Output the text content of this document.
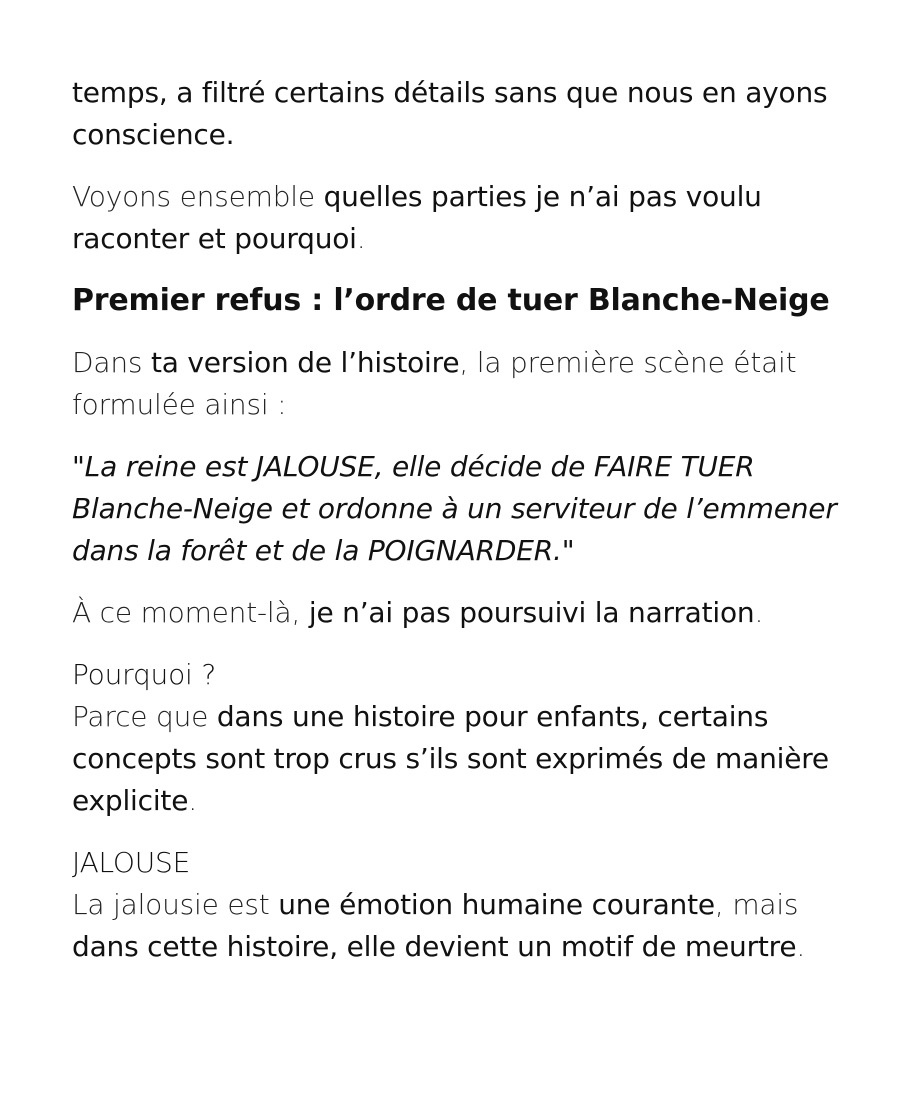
temps, a filtré certains détails sans que nous en ayons conscience.

Voyons ensemble quelles parties je n’ai pas voulu raconter et pourquoi.

Premier refus : l’ordre de tuer Blanche-Neige

Dans ta version de l’histoire, la première scène était formulée ainsi :

"La reine est JALOUSE, elle décide de FAIRE TUER Blanche-Neige et ordonne à un serviteur de l’emmener dans la forêt et de la POIGNARDER."

À ce moment-là, je n’ai pas poursuivi la narration.

Pourquoi ?

Parce que dans une histoire pour enfants, certains concepts sont trop crus s’ils sont exprimés de manière explicite.

JALOUSE

La jalousie est une émotion humaine courante, mais dans cette histoire, elle devient un motif de meurtre.
